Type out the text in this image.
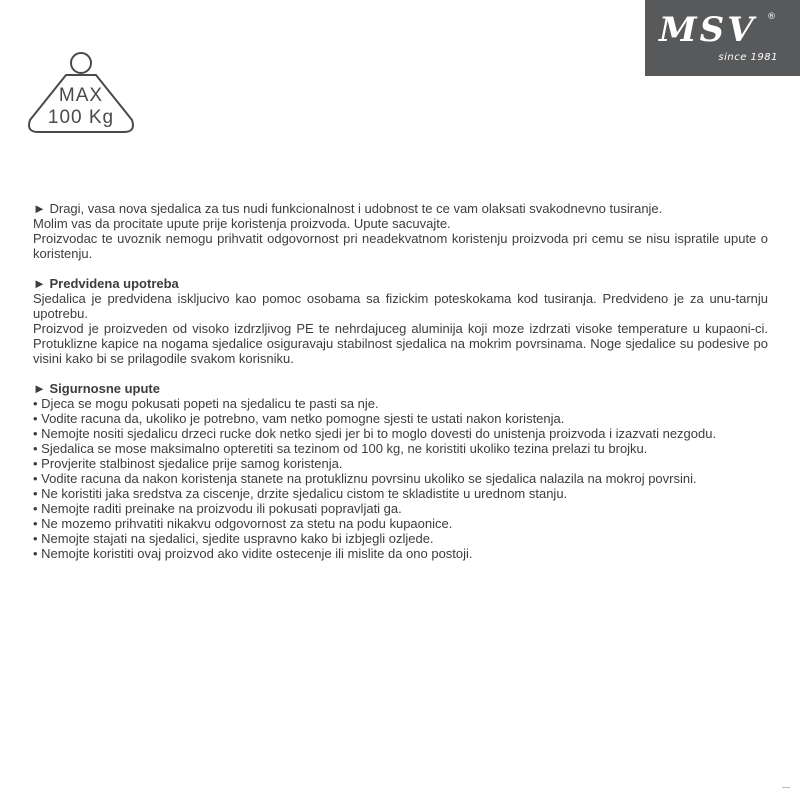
MSV ®
since 1981
MAX
100 Kg

► Dragi, vasa nova sjedalica za tus nudi funkcionalnost i udobnost te ce vam olaksati svakodnevno tusiranje.

Molim vas da procitate upute prije koristenja proizvoda. Upute sacuvajte.

Proizvodac te uvoznik nemogu prihvatit odgovornost pri neadekvatnom koristenju proizvoda pri cemu se nisu ispratile upute o koristenju.

► Predvidena upotreba

Sjedalica je predvidena iskljucivo kao pomoc osobama sa fizickim poteskokama kod tusiranja. Predvideno je za unu-tarnju upotrebu.

Proizvod je proizveden od visoko izdrzljivog PE te nehrdajuceg aluminija koji moze izdrzati visoke temperature u kupaoni-ci. Protuklizne kapice na nogama sjedalice osiguravaju stabilnost sjedalica na mokrim povrsinama. Noge sjedalice su podesive po visini kako bi se prilagodile svakom korisniku.

► Sigurnosne upute

• Djeca se mogu pokusati popeti na sjedalicu te pasti sa nje.

• Vodite racuna da, ukoliko je potrebno, vam netko pomogne sjesti te ustati nakon koristenja.

• Nemojte nositi sjedalicu drzeci rucke dok netko sjedi jer bi to moglo dovesti do unistenja proizvoda i izazvati nezgodu.

• Sjedalica se mose maksimalno opteretiti sa tezinom od 100 kg, ne koristiti ukoliko tezina prelazi tu brojku.

• Provjerite stalbinost sjedalice prije samog koristenja.

• Vodite racuna da nakon koristenja stanete na protukliznu povrsinu ukoliko se sjedalica nalazila na mokroj povrsini.

• Ne koristiti jaka sredstva za ciscenje, drzite sjedalicu cistom te skladistite u urednom stanju.

• Nemojte raditi preinake na proizvodu ili pokusati popravljati ga.

• Ne mozemo prihvatiti nikakvu odgovornost za stetu na podu kupaonice.

• Nemojte stajati na sjedalici, sjedite uspravno kako bi izbjegli ozljede.

• Nemojte koristiti ovaj proizvod ako vidite ostecenje ili mislite da ono postoji.
